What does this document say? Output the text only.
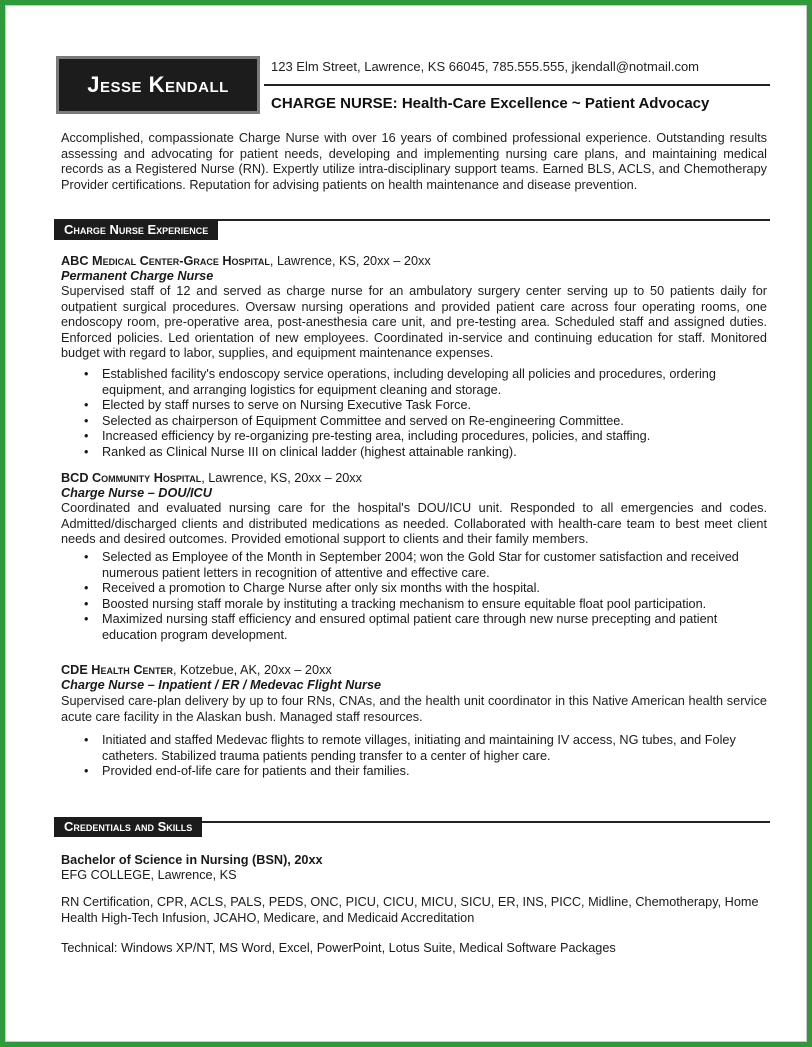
Jesse Kendall
123 Elm Street, Lawrence, KS 66045, 785.555.555, jkendall@notmail.com
CHARGE NURSE: Health-Care Excellence ~ Patient Advocacy
Accomplished, compassionate Charge Nurse with over 16 years of combined professional experience. Outstanding results assessing and advocating for patient needs, developing and implementing nursing care plans, and maintaining medical records as a Registered Nurse (RN). Expertly utilize intra-disciplinary support teams. Earned BLS, ACLS, and Chemotherapy Provider certifications. Reputation for advising patients on health maintenance and disease prevention.
Charge Nurse Experience
ABC Medical Center-Grace Hospital, Lawrence, KS, 20xx – 20xx
Permanent Charge Nurse
Supervised staff of 12 and served as charge nurse for an ambulatory surgery center serving up to 50 patients daily for outpatient surgical procedures. Oversaw nursing operations and provided patient care across four operating rooms, one endoscopy room, pre-operative area, post-anesthesia care unit, and pre-testing area. Scheduled staff and assigned duties. Enforced policies. Led orientation of new employees. Coordinated in-service and continuing education for staff. Monitored budget with regard to labor, supplies, and equipment maintenance expenses.
• Established facility's endoscopy service operations, including developing all policies and procedures, ordering equipment, and arranging logistics for equipment cleaning and storage.
• Elected by staff nurses to serve on Nursing Executive Task Force.
• Selected as chairperson of Equipment Committee and served on Re-engineering Committee.
• Increased efficiency by re-organizing pre-testing area, including procedures, policies, and staffing.
• Ranked as Clinical Nurse III on clinical ladder (highest attainable ranking).
BCD Community Hospital, Lawrence, KS, 20xx – 20xx
Charge Nurse – DOU/ICU
Coordinated and evaluated nursing care for the hospital's DOU/ICU unit. Responded to all emergencies and codes. Admitted/discharged clients and distributed medications as needed. Collaborated with health-care team to best meet client needs and desired outcomes. Provided emotional support to clients and their family members.
• Selected as Employee of the Month in September 2004; won the Gold Star for customer satisfaction and received numerous patient letters in recognition of attentive and effective care.
• Received a promotion to Charge Nurse after only six months with the hospital.
• Boosted nursing staff morale by instituting a tracking mechanism to ensure equitable float pool participation.
• Maximized nursing staff efficiency and ensured optimal patient care through new nurse precepting and patient education program development.
CDE Health Center, Kotzebue, AK, 20xx – 20xx
Charge Nurse – Inpatient / ER / Medevac Flight Nurse
Supervised care-plan delivery by up to four RNs, CNAs, and the health unit coordinator in this Native American health service acute care facility in the Alaskan bush. Managed staff resources.
• Initiated and staffed Medevac flights to remote villages, initiating and maintaining IV access, NG tubes, and Foley catheters. Stabilized trauma patients pending transfer to a center of higher care.
• Provided end-of-life care for patients and their families.
Credentials and Skills
Bachelor of Science in Nursing (BSN), 20xx
EFG COLLEGE, Lawrence, KS
RN Certification, CPR, ACLS, PALS, PEDS, ONC, PICU, CICU, MICU, SICU, ER, INS, PICC, Midline, Chemotherapy, Home Health High-Tech Infusion, JCAHO, Medicare, and Medicaid Accreditation
Technical: Windows XP/NT, MS Word, Excel, PowerPoint, Lotus Suite, Medical Software Packages
